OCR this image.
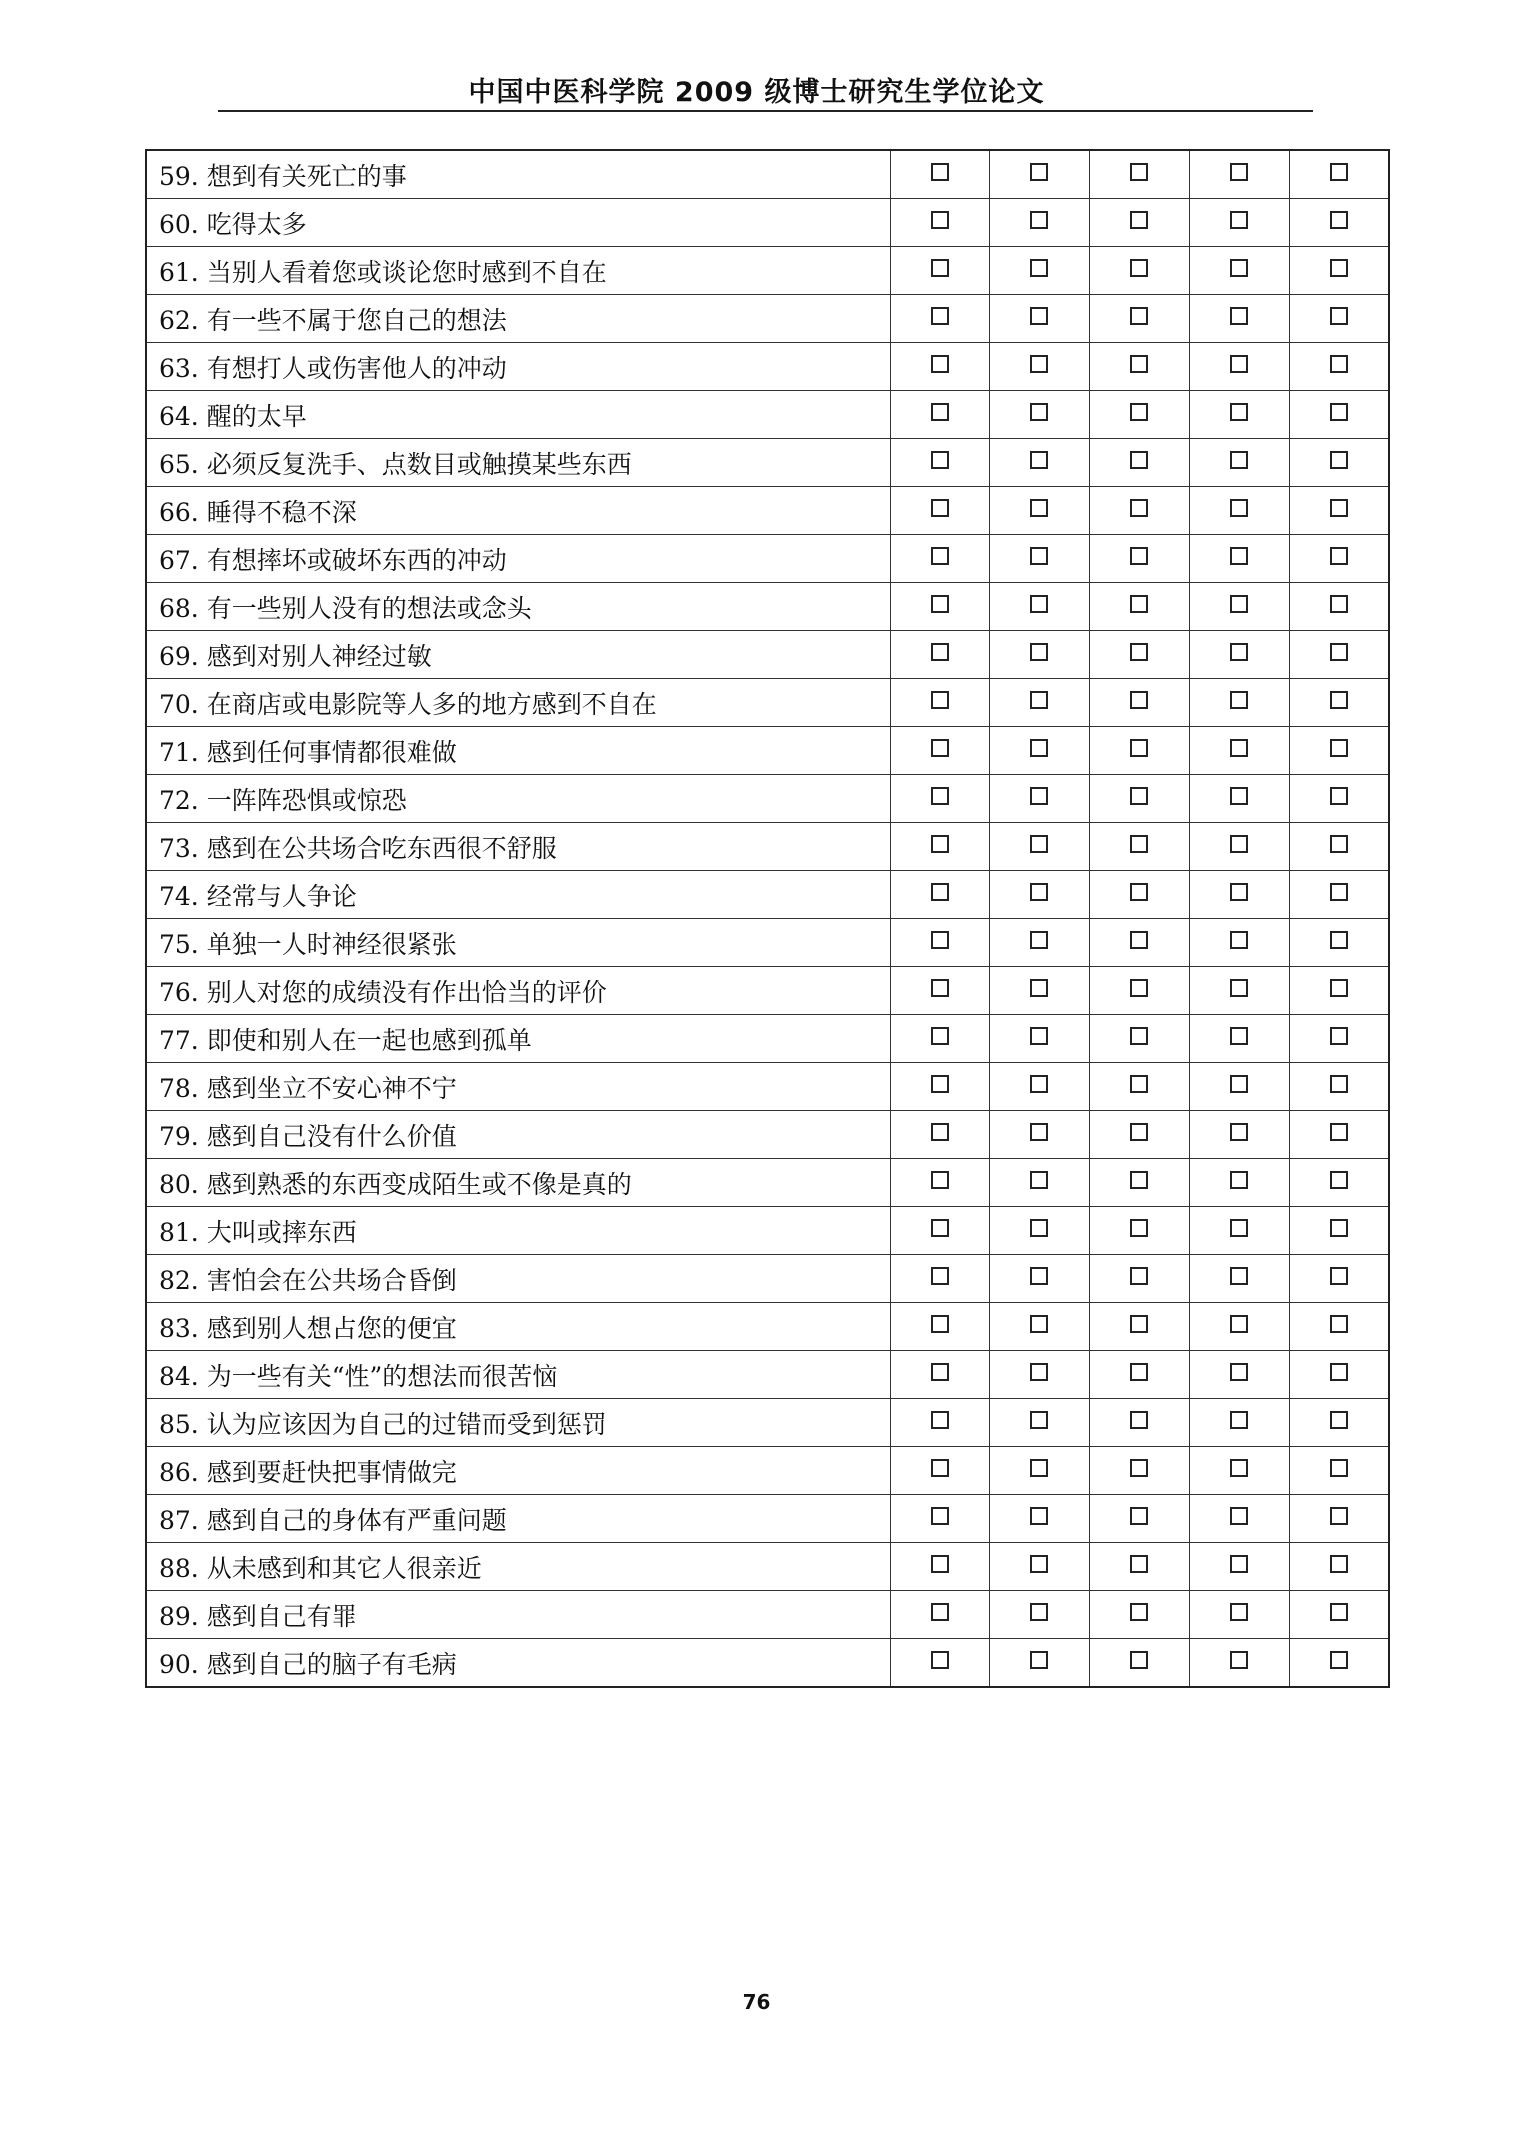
中国中医科学院 2009 级博士研究生学位论文
59. 想到有关死亡的事					
60. 吃得太多					
61. 当别人看着您或谈论您时感到不自在					
62. 有一些不属于您自己的想法					
63. 有想打人或伤害他人的冲动					
64. 醒的太早					
65. 必须反复洗手、点数目或触摸某些东西					
66. 睡得不稳不深					
67. 有想摔坏或破坏东西的冲动					
68. 有一些别人没有的想法或念头					
69. 感到对别人神经过敏					
70. 在商店或电影院等人多的地方感到不自在					
71. 感到任何事情都很难做					
72. 一阵阵恐惧或惊恐					
73. 感到在公共场合吃东西很不舒服					
74. 经常与人争论					
75. 单独一人时神经很紧张					
76. 别人对您的成绩没有作出恰当的评价					
77. 即使和别人在一起也感到孤单					
78. 感到坐立不安心神不宁					
79. 感到自己没有什么价值					
80. 感到熟悉的东西变成陌生或不像是真的					
81. 大叫或摔东西					
82. 害怕会在公共场合昏倒					
83. 感到别人想占您的便宜					
84. 为一些有关“性”的想法而很苦恼					
85. 认为应该因为自己的过错而受到惩罚					
86. 感到要赶快把事情做完					
87. 感到自己的身体有严重问题					
88. 从未感到和其它人很亲近					
89. 感到自己有罪					
90. 感到自己的脑子有毛病					
76
